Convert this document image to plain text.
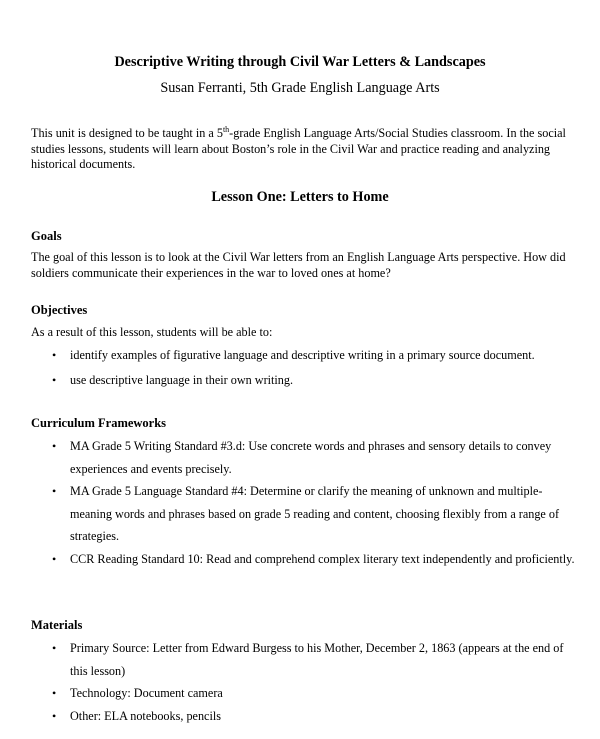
Descriptive Writing through Civil War Letters & Landscapes
Susan Ferranti, 5th Grade English Language Arts

This unit is designed to be taught in a 5th-grade English Language Arts/Social Studies classroom. In the social studies lessons, students will learn about Boston’s role in the Civil War and practice reading and analyzing historical documents.

Lesson One: Letters to Home
Goals

The goal of this lesson is to look at the Civil War letters from an English Language Arts perspective. How did soldiers communicate their experiences in the war to loved ones at home?

Objectives

As a result of this lesson, students will be able to:

• identify examples of figurative language and descriptive writing in a primary source document.
• use descriptive language in their own writing.
Curriculum Frameworks
• MA Grade 5 Writing Standard #3.d: Use concrete words and phrases and sensory details to convey experiences and events precisely.
• MA Grade 5 Language Standard #4: Determine or clarify the meaning of unknown and multiple-meaning words and phrases based on grade 5 reading and content, choosing flexibly from a range of strategies.
• CCR Reading Standard 10: Read and comprehend complex literary text independently and proficiently.
Materials
• Primary Source: Letter from Edward Burgess to his Mother, December 2, 1863 (appears at the end of this lesson)
• Technology: Document camera
• Other: ELA notebooks, pencils
